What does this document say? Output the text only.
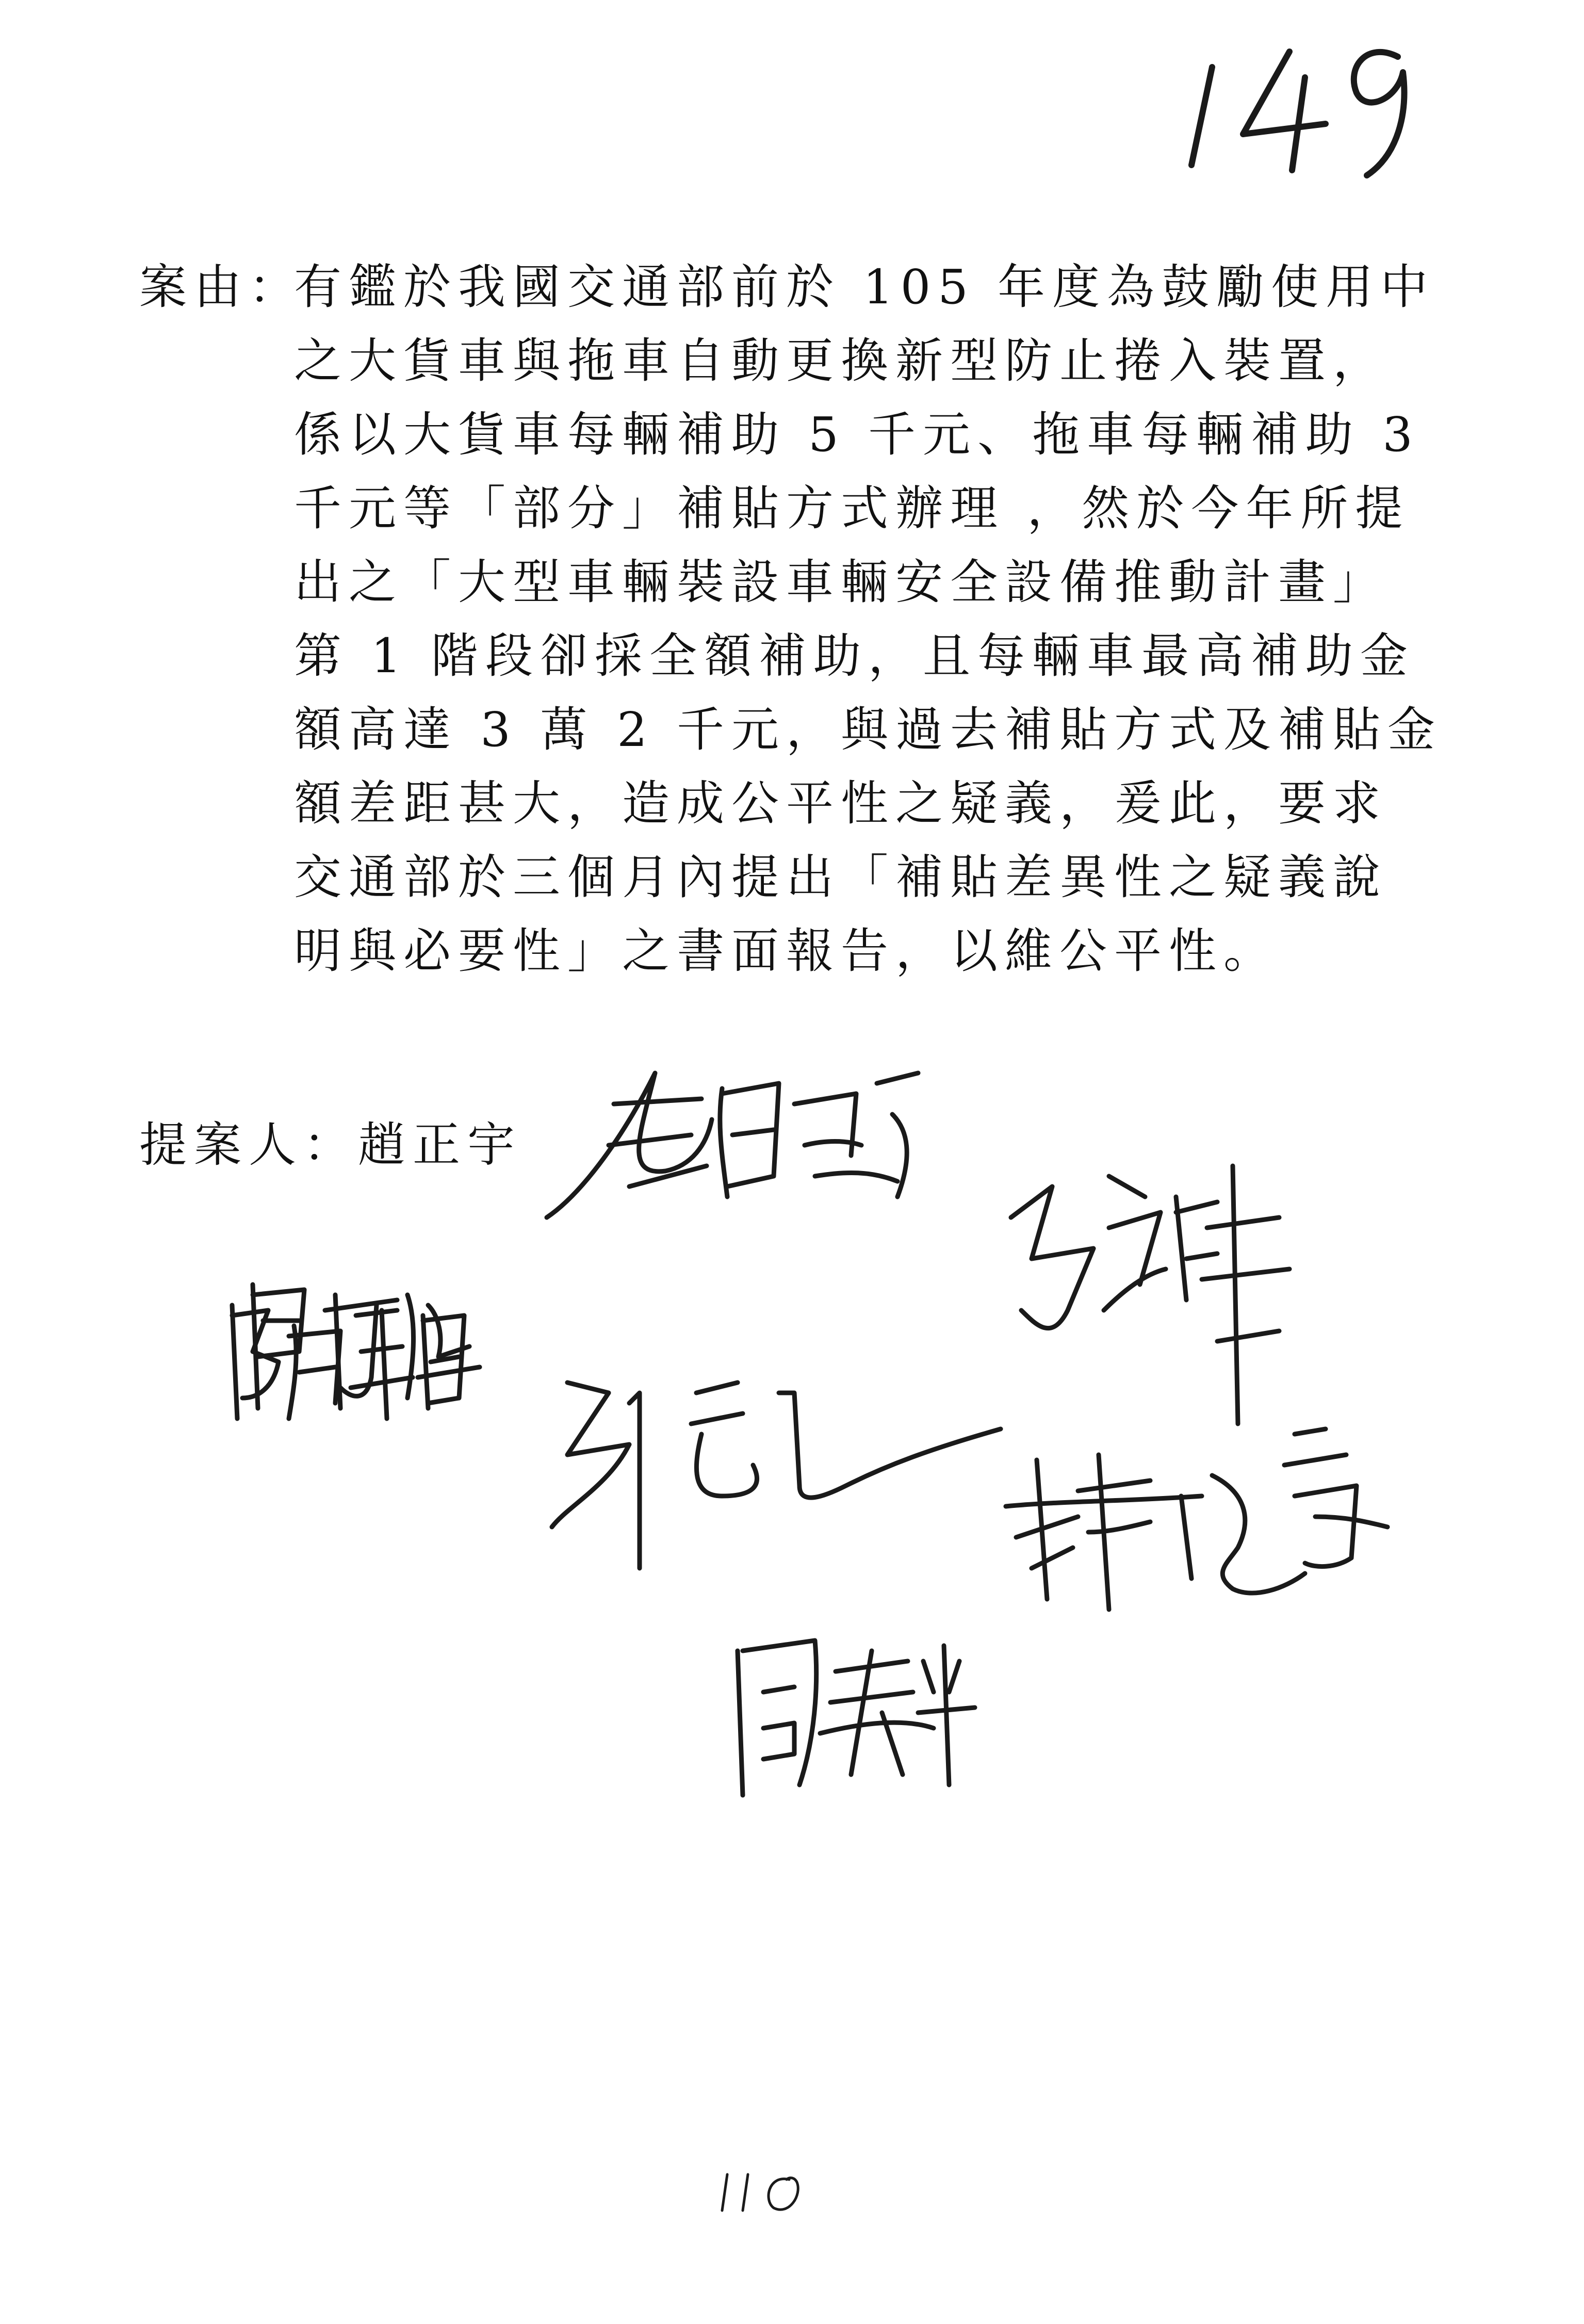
案由：有鑑於我國交通部前於 105 年度為鼓勵使用中
之大貨車與拖車自動更換新型防止捲入裝置，
係以大貨車每輛補助 5 千元、拖車每輛補助 3
千元等「部分」補貼方式辦理 ，然於今年所提
出之「大型車輛裝設車輛安全設備推動計畫」
第 1 階段卻採全額補助，且每輛車最高補助金
額高達 3 萬 2 千元，與過去補貼方式及補貼金
額差距甚大，造成公平性之疑義，爰此，要求
交通部於三個月內提出「補貼差異性之疑義說
明與必要性」之書面報告，以維公平性。
提案人：趙正宇
